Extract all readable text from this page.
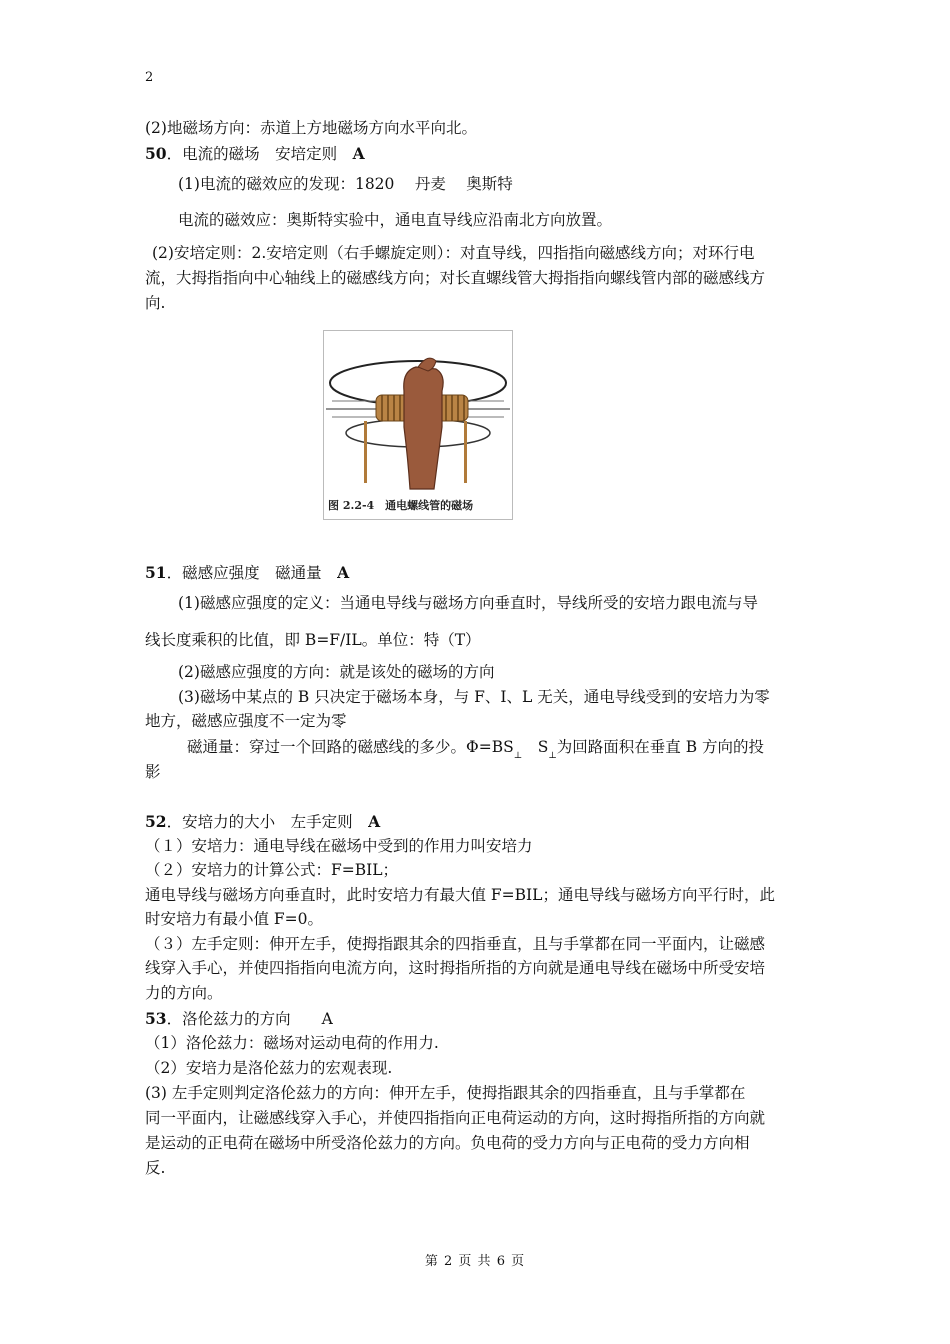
2
(2)地磁场方向：赤道上方地磁场方向水平向北。
50．电流的磁场　安培定则　A
(1)电流的磁效应的发现：1820　 丹麦　 奥斯特
电流的磁效应：奥斯特实验中，通电直导线应沿南北方向放置。
(2)安培定则：2.安培定则（右手螺旋定则）：对直导线，四指指向磁感线方向；对环行电
流，大拇指指向中心轴线上的磁感线方向；对长直螺线管大拇指指向螺线管内部的磁感线方
向.
图 2.2-4　通电螺线管的磁场
51．磁感应强度　磁通量　A
(1)磁感应强度的定义：当通电导线与磁场方向垂直时，导线所受的安培力跟电流与导
线长度乘积的比值，即 B=F/IL。单位：特（T）
(2)磁感应强度的方向：就是该处的磁场的方向
(3)磁场中某点的 B 只决定于磁场本身，与 F、I、L 无关，通电导线受到的安培力为零
地方，磁感应强度不一定为零
磁通量：穿过一个回路的磁感线的多少。$\Phi=BS_\perp$　$S_\perp$为回路面积在垂直 B 方向的投
影
52．安培力的大小　左手定则　A
（１）安培力：通电导线在磁场中受到的作用力叫安培力
（２）安培力的计算公式：F=BIL；
通电导线与磁场方向垂直时，此时安培力有最大值 F=BIL；通电导线与磁场方向平行时，此
时安培力有最小值 F=0。
（３）左手定则：伸开左手，使拇指跟其余的四指垂直，且与手掌都在同一平面内，让磁感
线穿入手心，并使四指指向电流方向，这时拇指所指的方向就是通电导线在磁场中所受安培
力的方向。
53．洛伦兹力的方向　　A
（1）洛伦兹力：磁场对运动电荷的作用力.
（2）安培力是洛伦兹力的宏观表现.
(3) 左手定则判定洛伦兹力的方向：伸开左手，使拇指跟其余的四指垂直，且与手掌都在
同一平面内，让磁感线穿入手心，并使四指指向正电荷运动的方向，这时拇指所指的方向就
是运动的正电荷在磁场中所受洛伦兹力的方向。负电荷的受力方向与正电荷的受力方向相
反.
第 2 页 共 6 页
